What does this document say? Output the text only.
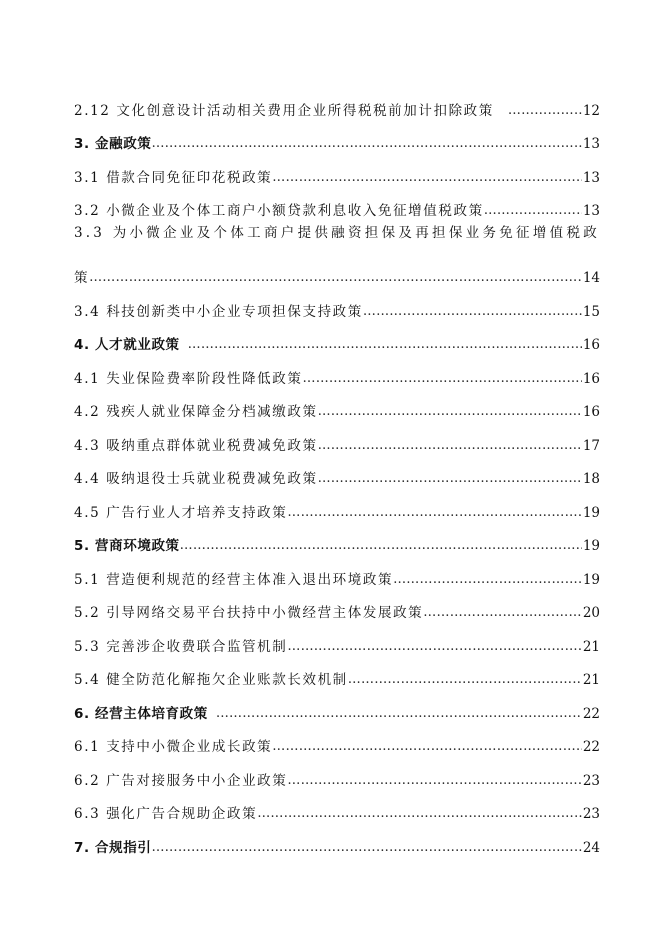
2.12 文化创意设计活动相关费用企业所得税税前加计扣除政策 ………………………………………………………………………………………………………………………………………………………………………………………………………………………………………………	12
3. 金融政策 ………………………………………………………………………………………………………………………………………………………………………………………………………………………………………………	13
3.1 借款合同免征印花税政策 ………………………………………………………………………………………………………………………………………………………………………………………………………………………………………………	13
3.2 小微企业及个体工商户小额贷款利息收入免征增值税政策 ………………………………………………………………………………………………………………………………………………………………………………………………………………………………………………	13
3.3 为小微企业及个体工商户提供融资担保及再担保业务免征增值税政
策 ………………………………………………………………………………………………………………………………………………………………………………………………………………………………………………	14
3.4 科技创新类中小企业专项担保支持政策 ………………………………………………………………………………………………………………………………………………………………………………………………………………………………………………	15
4. 人才就业政策 ………………………………………………………………………………………………………………………………………………………………………………………………………………………………………………	16
4.1 失业保险费率阶段性降低政策 ………………………………………………………………………………………………………………………………………………………………………………………………………………………………………………	16
4.2 残疾人就业保障金分档减缴政策 ………………………………………………………………………………………………………………………………………………………………………………………………………………………………………………	16
4.3 吸纳重点群体就业税费减免政策 ………………………………………………………………………………………………………………………………………………………………………………………………………………………………………………	17
4.4 吸纳退役士兵就业税费减免政策 ………………………………………………………………………………………………………………………………………………………………………………………………………………………………………………	18
4.5 广告行业人才培养支持政策 ………………………………………………………………………………………………………………………………………………………………………………………………………………………………………………	19
5. 营商环境政策 ………………………………………………………………………………………………………………………………………………………………………………………………………………………………………………	19
5.1 营造便利规范的经营主体准入退出环境政策 ………………………………………………………………………………………………………………………………………………………………………………………………………………………………………………	19
5.2 引导网络交易平台扶持中小微经营主体发展政策 ………………………………………………………………………………………………………………………………………………………………………………………………………………………………………………	20
5.3 完善涉企收费联合监管机制 ………………………………………………………………………………………………………………………………………………………………………………………………………………………………………………	21
5.4 健全防范化解拖欠企业账款长效机制 ………………………………………………………………………………………………………………………………………………………………………………………………………………………………………………	21
6. 经营主体培育政策 ………………………………………………………………………………………………………………………………………………………………………………………………………………………………………………	22
6.1 支持中小微企业成长政策 ………………………………………………………………………………………………………………………………………………………………………………………………………………………………………………	22
6.2 广告对接服务中小企业政策 ………………………………………………………………………………………………………………………………………………………………………………………………………………………………………………	23
6.3 强化广告合规助企政策 ………………………………………………………………………………………………………………………………………………………………………………………………………………………………………………	23
7. 合规指引 ………………………………………………………………………………………………………………………………………………………………………………………………………………………………………………	24
